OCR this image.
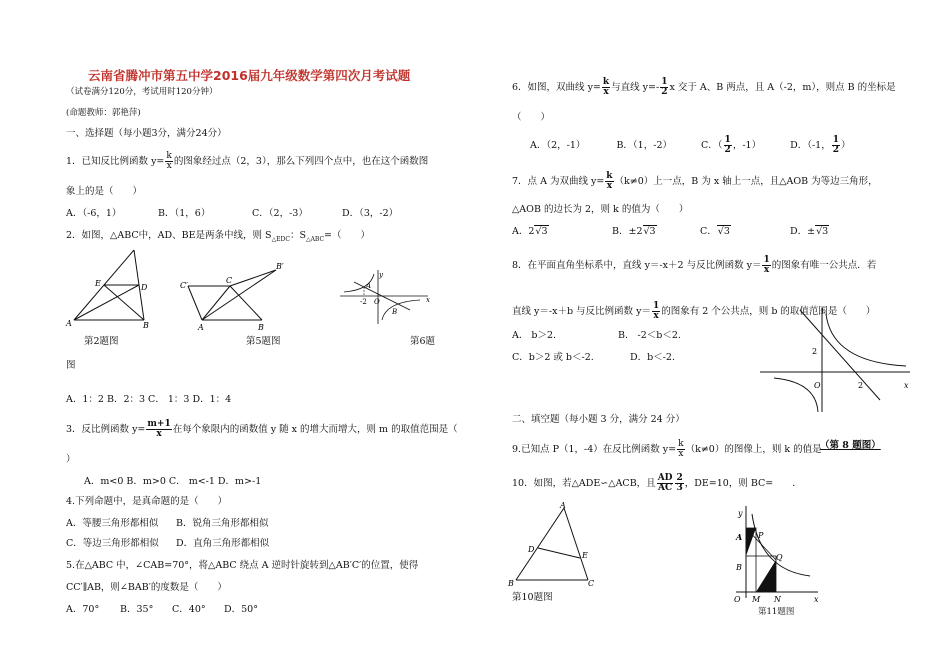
云南省腾冲市第五中学2016届九年级数学第四次月考试题
（试卷满分120分，考试用时120分钟）
(命题教师：郭艳萍)
一、选择题（每小题3分，满分24分）
1．已知反比例函数 $y= \frac{k}{x}$ 的图象经过点（2，3），那么下列四个点中，也在这个函数图
象上的是（　　）
A．（-6，1）	B．（1，6）	C．（2，-3）	D．（3，-2）
2．如图，△ABC中，AD、BE是两条中线，则 $S_{\triangle EDC}$：$S_{\triangle ABC}=$（　　）
E	D
A	B
C′
C
B′
A	B
y
A
-2 O
B
x
第2题图	第5题图	第6题
图
A．1：2 B．2：3 C． 1：3 D．1：4
3．反比例函数 $y= \frac{m+1}{x}$ 在每个象限内的函数值 y 随 x 的增大而增大，则 m 的取值范围是（
）
A．m<0 B．m>0 C． m<-1 D．m>-1
4.下列命题中，是真命题的是（　　）
A．等腰三角形都相似 B．锐角三角形都相似
C．等边三角形都相似 D．直角三角形都相似
5.在△ABC 中，∠CAB=70°，将△ABC 绕点 A 逆时针旋转到△AB′C′的位置，使得
CC′∥AB，则∠BAB′的度数是（　　）
A．70° B．35° C．40° D．50°
6．如图，双曲线 $y= \frac{k}{x}$ 与直线 $y=- \frac{1}{2}$ x 交于 A、B 两点，且 A（-2，m），则点 B 的坐标是
（　　）
A．（2，-1）	B．（1，-2）	C．（ $\frac{1}{2}$ ，-1）	D．（-1， $\frac{1}{2}$ ）
7．点 A 为双曲线 $y= \frac{k}{x} (k\ne 0)$上一点，B 为 x 轴上一点，且△AOB 为等边三角形，
△AOB 的边长为 2，则 k 的值为（　　）
A．2√3	B．±2√3	C．√3	D．±√3
8．在平面直角坐标系中，直线 y＝-x＋2 与反比例函数 $y= \frac{1}{x}$ 的图象有唯一公共点．若
直线 y＝-x＋b 与反比例函数 $y= \frac{1}{x}$ 的图象有 2 个公共点，则 b 的取值范围是（　　）
A． b＞2.	B． -2＜b＜2.
C．b＞2 或 b＜-2.	D．b＜-2.
2
O	2	x
二、填空题（每小题 3 分，满分 24 分）
9.已知点 P（1，-4）在反比例函数 $y= \frac{k}{x} (k\ne 0)$的图像上，则 k 的值是
（第 8 题图）
10．如图，若△ADE∽△ACB，且 $\frac{AD}{AC} \frac{2}{3}$ ，DE=10，则 BC=　　．
A
D
E
B	C
第10题图
y
A P
B
Q
O M N	x
第11题图
